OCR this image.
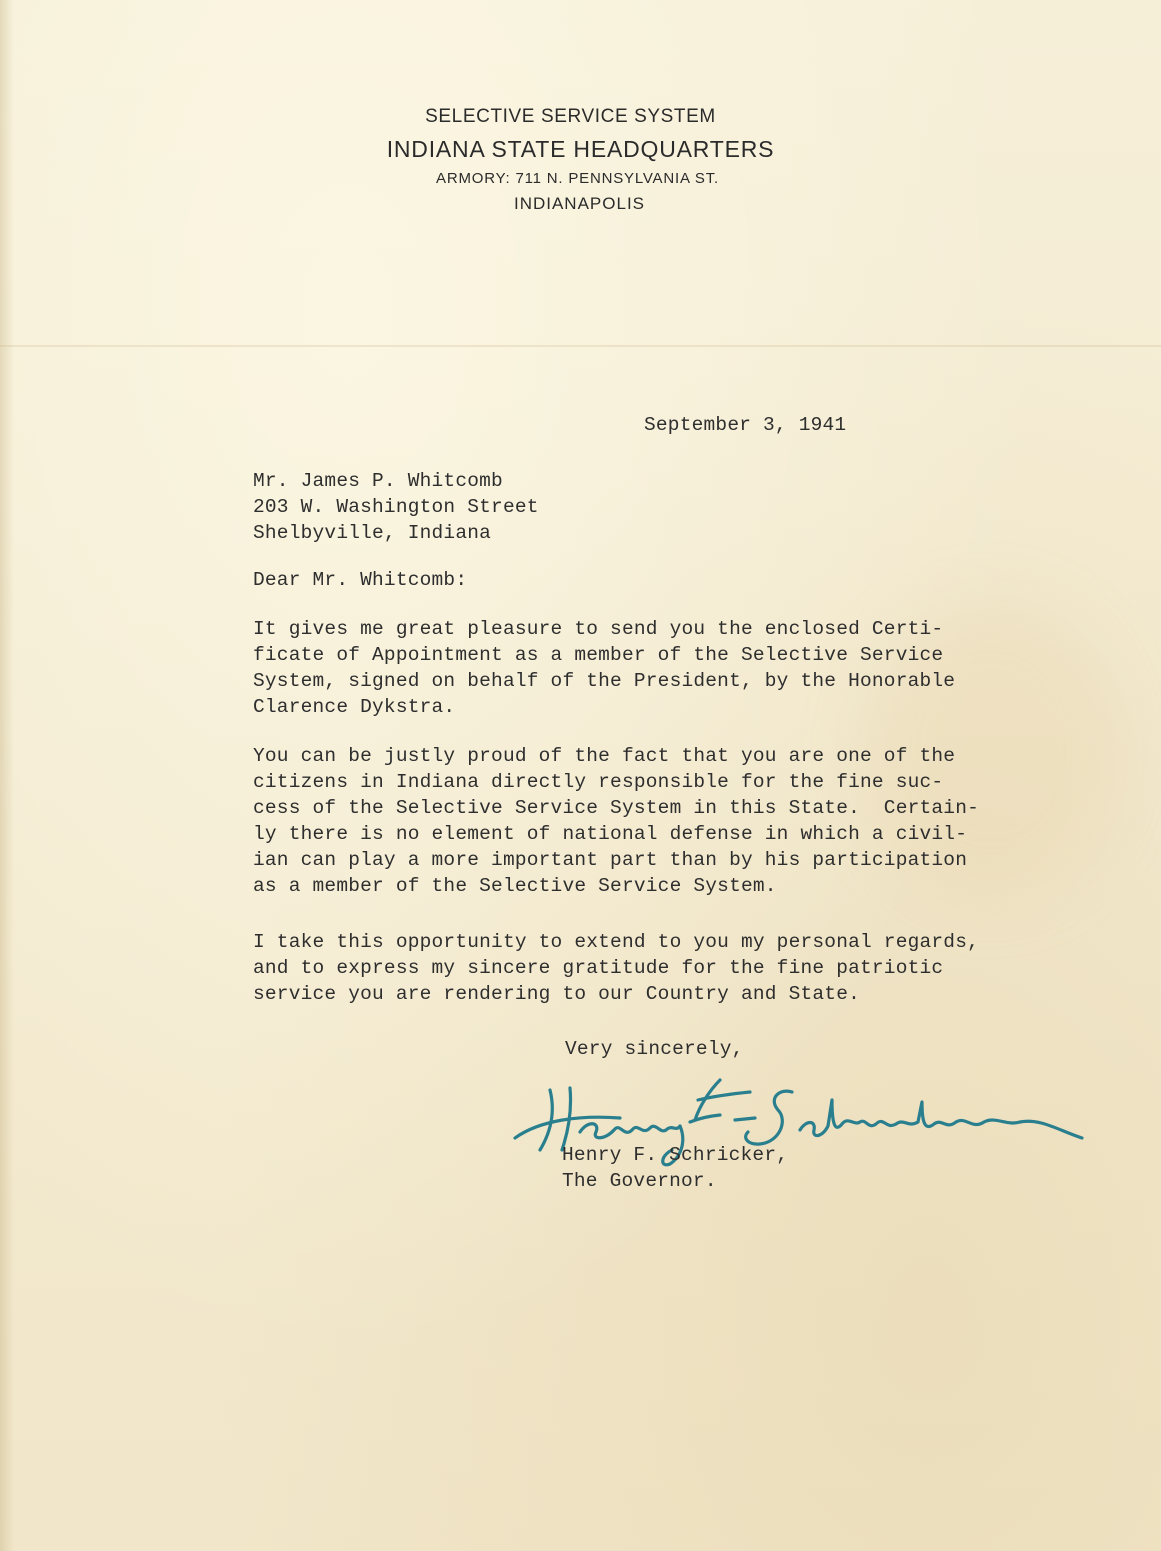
SELECTIVE SERVICE SYSTEM
INDIANA STATE HEADQUARTERS
ARMORY: 711 N. PENNSYLVANIA ST.
INDIANAPOLIS
September 3, 1941
Mr. James P. Whitcomb
203 W. Washington Street
Shelbyville, Indiana
Dear Mr. Whitcomb:
It gives me great pleasure to send you the enclosed Certi-
ficate of Appointment as a member of the Selective Service
System, signed on behalf of the President, by the Honorable
Clarence Dykstra.
You can be justly proud of the fact that you are one of the
citizens in Indiana directly responsible for the fine suc-
cess of the Selective Service System in this State.  Certain-
ly there is no element of national defense in which a civil-
ian can play a more important part than by his participation
as a member of the Selective Service System.
I take this opportunity to extend to you my personal regards,
and to express my sincere gratitude for the fine patriotic
service you are rendering to our Country and State.
Very sincerely,
Henry F. Schricker,
The Governor.
